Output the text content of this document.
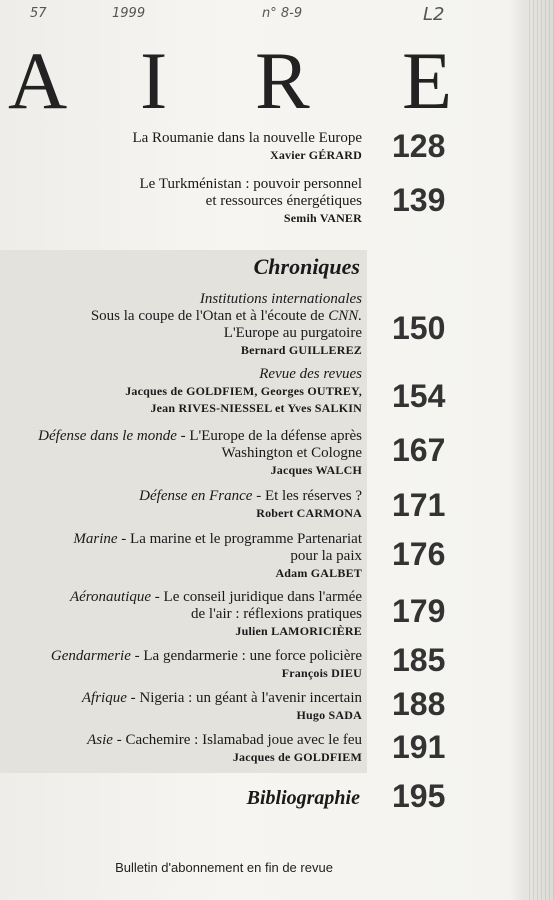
57	1999	n° 8-9	L2
A I R E
La Roumanie dans la nouvelle Europe
Xavier GÉRARD 128
Le Turkménistan : pouvoir personnel
et ressources énergétiques
Semih VANER 139
Chroniques
Institutions internationales
Sous la coupe de l'Otan et à l'écoute de CNN.
L'Europe au purgatoire
Bernard GUILLEREZ
150
Revue des revues
Jacques de GOLDFIEM, Georges OUTREY,
Jean RIVES-NIESSEL et Yves SALKIN 154
Défense dans le monde - L'Europe de la défense après
Washington et Cologne
Jacques WALCH
167
Défense en France - Et les réserves ?
Robert CARMONA 171
Marine - La marine et le programme Partenariat
pour la paix
Adam GALBET
176
Aéronautique - Le conseil juridique dans l'armée
de l'air : réflexions pratiques
Julien LAMORICIÈRE
179
Gendarmerie - La gendarmerie : une force policière
François DIEU 185
Afrique - Nigeria : un géant à l'avenir incertain
Hugo SADA 188
Asie - Cachemire : Islamabad joue avec le feu
Jacques de GOLDFIEM 191
Bibliographie 195
Bulletin d'abonnement en fin de revue
